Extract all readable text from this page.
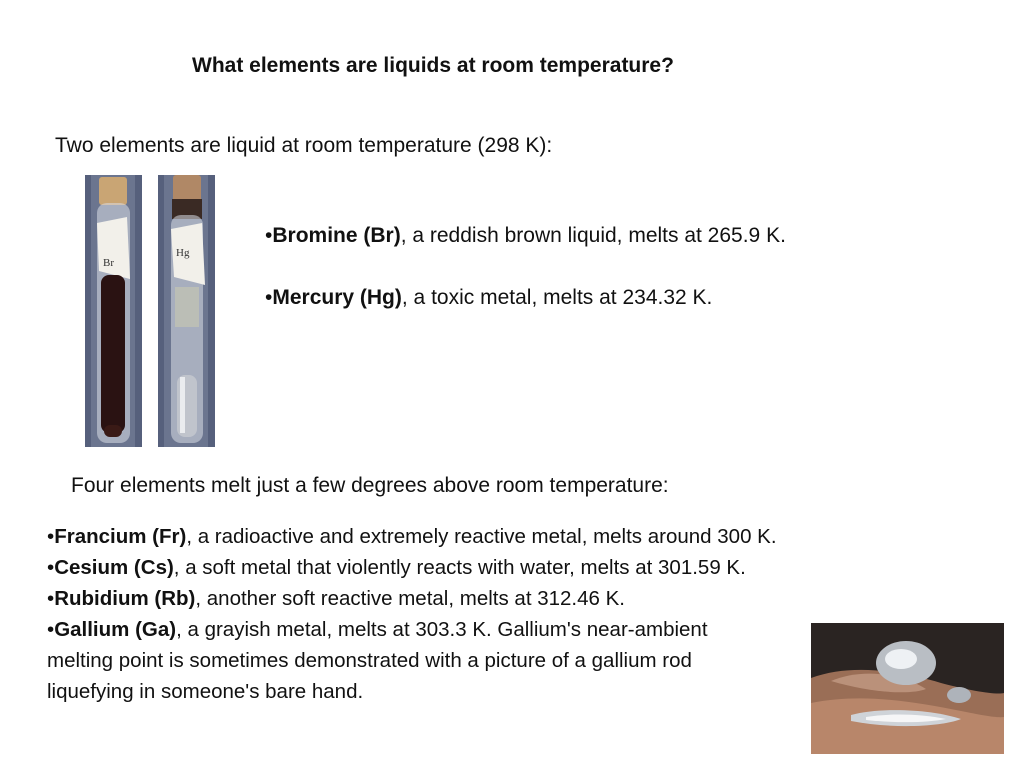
What elements are liquids at room temperature?
Two elements are liquid at room temperature (298 K):
Br
Hg
•Bromine (Br), a reddish brown liquid, melts at 265.9 K.
•Mercury (Hg), a toxic metal, melts at 234.32 K.
Four elements melt just a few degrees above room temperature:
•Francium (Fr), a radioactive and extremely reactive metal, melts around 300 K.
•Cesium (Cs), a soft metal that violently reacts with water, melts at 301.59 K.
•Rubidium (Rb), another soft reactive metal, melts at 312.46 K.
•Gallium (Ga), a grayish metal, melts at 303.3 K. Gallium's near-ambient
melting point is sometimes demonstrated with a picture of a gallium rod
liquefying in someone's bare hand.
